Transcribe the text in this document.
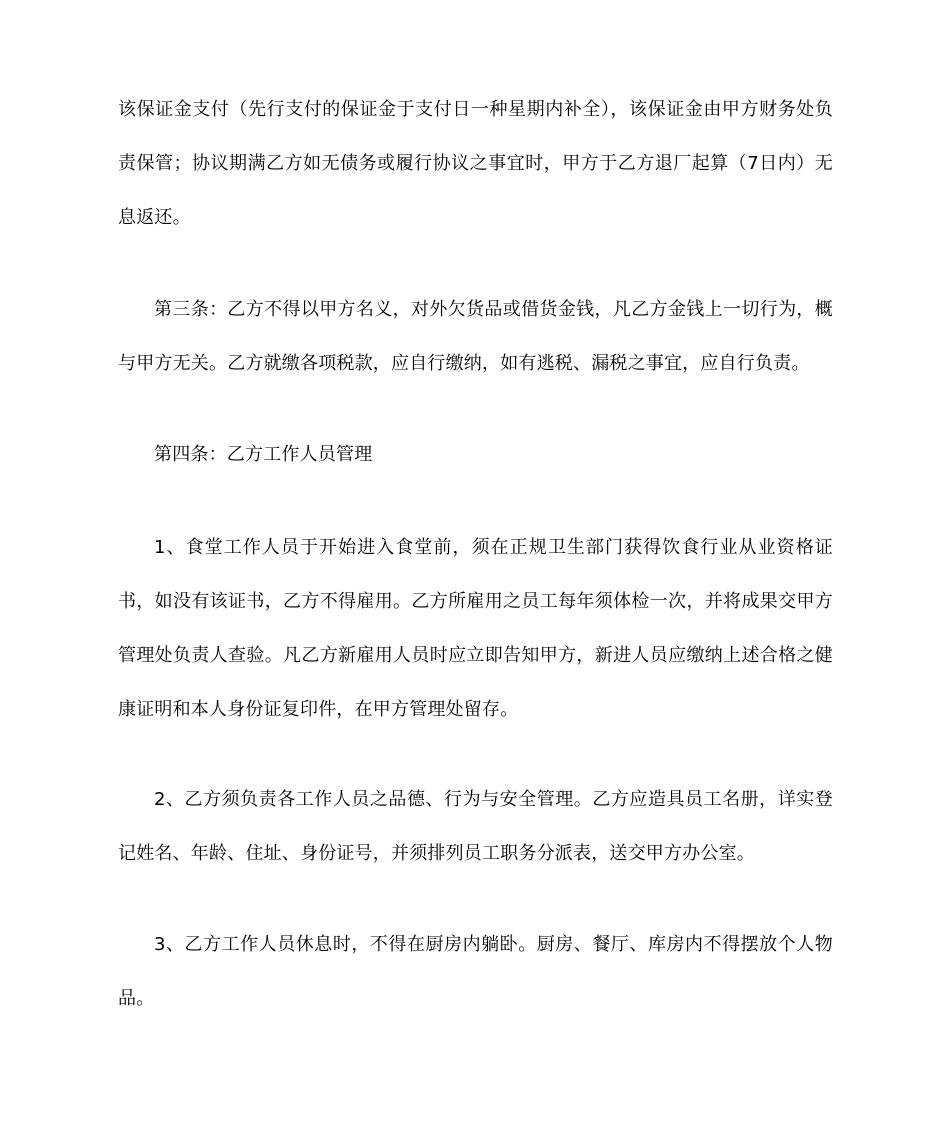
该保证金支付（先行支付的保证金于支付日一种星期内补全），该保证金由甲方财务处负责保管；协议期满乙方如无债务或履行协议之事宜时，甲方于乙方退厂起算（7日内）无息返还。

第三条：乙方不得以甲方名义，对外欠货品或借货金钱，凡乙方金钱上一切行为，概与甲方无关。乙方就缴各项税款，应自行缴纳，如有逃税、漏税之事宜，应自行负责。

第四条：乙方工作人员管理

1、食堂工作人员于开始进入食堂前，须在正规卫生部门获得饮食行业从业资格证书，如没有该证书，乙方不得雇用。乙方所雇用之员工每年须体检一次，并将成果交甲方管理处负责人查验。凡乙方新雇用人员时应立即告知甲方，新进人员应缴纳上述合格之健康证明和本人身份证复印件，在甲方管理处留存。

2、乙方须负责各工作人员之品德、行为与安全管理。乙方应造具员工名册，详实登记姓名、年龄、住址、身份证号，并须排列员工职务分派表，送交甲方办公室。

3、乙方工作人员休息时，不得在厨房内躺卧。厨房、餐厅、库房内不得摆放个人物品。
